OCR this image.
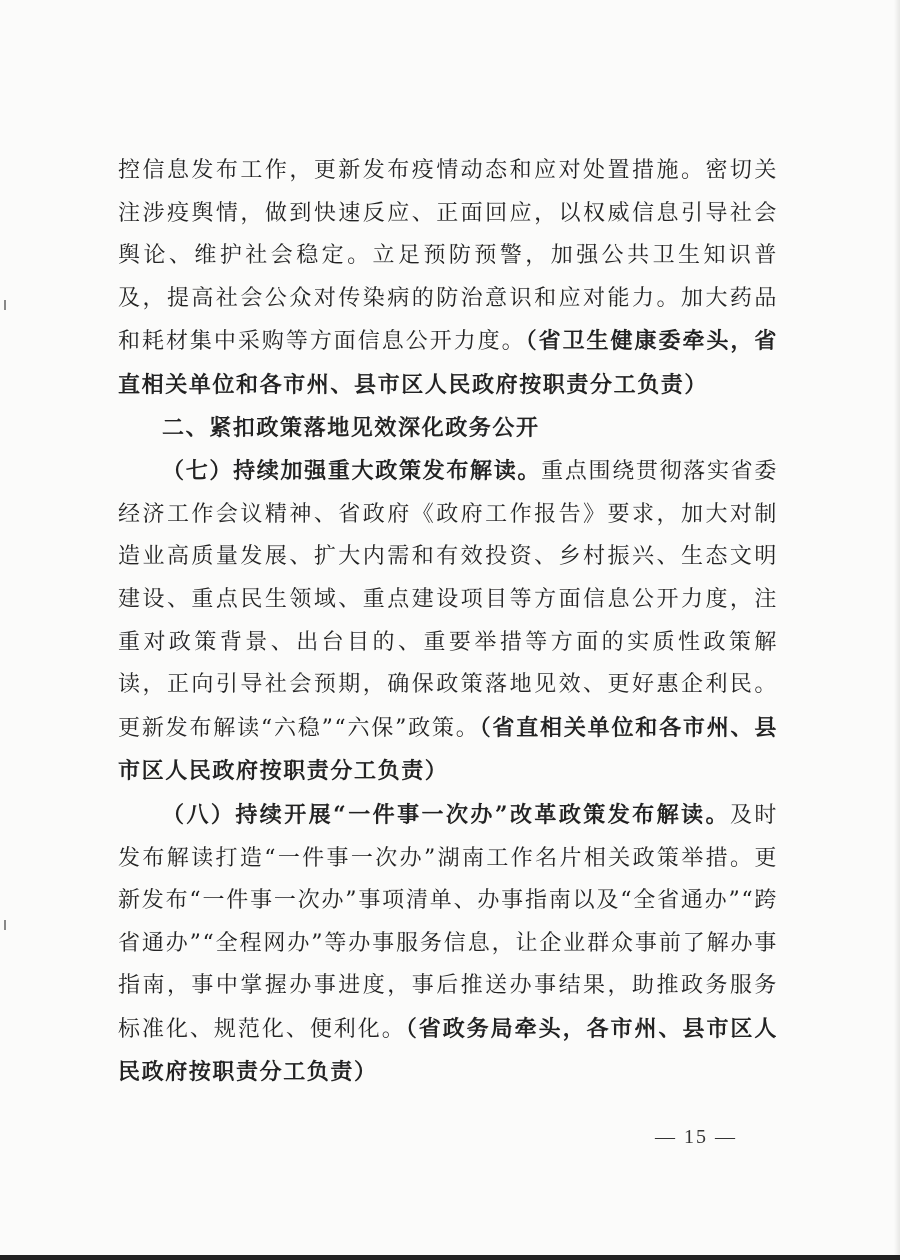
控信息发布工作，更新发布疫情动态和应对处置措施。密切关注涉疫舆情，做到快速反应、正面回应，以权威信息引导社会舆论、维护社会稳定。立足预防预警，加强公共卫生知识普及，提高社会公众对传染病的防治意识和应对能力。加大药品和耗材集中采购等方面信息公开力度。（省卫生健康委牵头，省直相关单位和各市州、县市区人民政府按职责分工负责）

二、紧扣政策落地见效深化政务公开

（七）持续加强重大政策发布解读。重点围绕贯彻落实省委经济工作会议精神、省政府《政府工作报告》要求，加大对制造业高质量发展、扩大内需和有效投资、乡村振兴、生态文明建设、重点民生领域、重点建设项目等方面信息公开力度，注重对政策背景、出台目的、重要举措等方面的实质性政策解读，正向引导社会预期，确保政策落地见效、更好惠企利民。更新发布解读“六稳”“六保”政策。（省直相关单位和各市州、县市区人民政府按职责分工负责）

（八）持续开展“一件事一次办”改革政策发布解读。及时发布解读打造“一件事一次办”湖南工作名片相关政策举措。更新发布“一件事一次办”事项清单、办事指南以及“全省通办”“跨省通办”“全程网办”等办事服务信息，让企业群众事前了解办事指南，事中掌握办事进度，事后推送办事结果，助推政务服务标准化、规范化、便利化。（省政务局牵头，各市州、县市区人民政府按职责分工负责）

— 15 —
